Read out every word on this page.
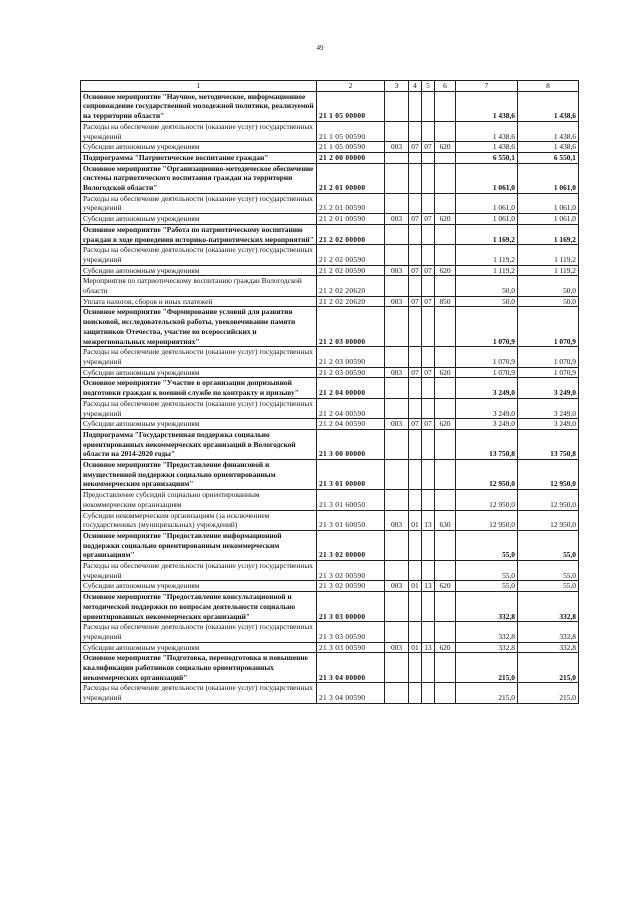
49
1	2	3	4	5	6	7	8
Основное мероприятие "Научное, методическое, информационное сопровождение государственной молодежной политики, реализуемой на территории области"	21 1 05 00000					1 438,6	1 438,6
Расходы на обеспечение деятельности (оказание услуг) государственных учреждений	21 1 05 00590					1 438,6	1 438,6
Субсидии автономным учреждениям	21 1 05 00590	003	07	07	620	1 438,6	1 438,6
Подпрограмма "Патриотическое воспитание граждан"	21 2 00 00000					6 550,1	6 550,1
Основное мероприятие "Организационно-методическое обеспечение системы патриотического воспитания граждан на территории Вологодской области"	21 2 01 00000					1 061,0	1 061,0
Расходы на обеспечение деятельности (оказание услуг) государственных учреждений	21 2 01 00590					1 061,0	1 061,0
Субсидии автономным учреждениям	21 2 01 00590	003	07	07	620	1 061,0	1 061,0
Основное мероприятие "Работа по патриотическому воспитанию граждан в ходе проведения историко-патриотических мероприятий"	21 2 02 00000					1 169,2	1 169,2
Расходы на обеспечение деятельности (оказание услуг) государственных учреждений	21 2 02 00590					1 119,2	1 119,2
Субсидии автономным учреждениям	21 2 02 00590	003	07	07	620	1 119,2	1 119,2
Мероприятия по патриотическому воспитанию граждан Вологодской области	21 2 02 20620					50,0	50,0
Уплата налогов, сборов и иных платежей	21 2 02 20620	003	07	07	850	50,0	50,0
Основное мероприятие "Формирование условий для развития поисковой, исследовательской работы, увековечивание памяти защитников Отечества, участие во всероссийских и межрегиональных мероприятиях"	21 2 03 00000					1 070,9	1 070,9
Расходы на обеспечение деятельности (оказание услуг) государственных учреждений	21 2 03 00590					1 070,9	1 070,9
Субсидии автономным учреждениям	21 2 03 00590	003	07	07	620	1 070,9	1 070,9
Основное мероприятие "Участие в организации допризывной подготовки граждан к военной службе по контракту и призыву"	21 2 04 00000					3 249,0	3 249,0
Расходы на обеспечение деятельности (оказание услуг) государственных учреждений	21 2 04 00590					3 249,0	3 249,0
Субсидии автономным учреждениям	21 2 04 00590	003	07	07	620	3 249,0	3 249,0
Подпрограмма "Государственная поддержка социально ориентированных некоммерческих организаций в Вологодской области на 2014-2020 годы"	21 3 00 00000					13 750,8	13 750,8
Основное мероприятие "Предоставление финансовой и имущественной поддержки социально ориентированным некоммерческим организациям"	21 3 01 00000					12 950,0	12 950,0
Предоставление субсидий социально ориентированным некоммерческим организациям	21 3 01 60050					12 950,0	12 950,0
Субсидии некоммерческим организациям (за исключением государственных (муниципальных) учреждений)	21 3 01 60050	003	01	13	630	12 950,0	12 950,0
Основное мероприятие "Предоставление информационной поддержки социально ориентированным некоммерческим организациям"	21 3 02 00000					55,0	55,0
Расходы на обеспечение деятельности (оказание услуг) государственных учреждений	21 3 02 00590					55,0	55,0
Субсидии автономным учреждениям	21 3 02 00590	003	01	13	620	55,0	55,0
Основное мероприятие "Предоставление консультационной и методической поддержки по вопросам деятельности социально ориентированных некоммерческих организаций"	21 3 03 00000					332,8	332,8
Расходы на обеспечение деятельности (оказание услуг) государственных учреждений	21 3 03 00590					332,8	332,8
Субсидии автономным учреждениям	21 3 03 00590	003	01	13	620	332,8	332,8
Основное мероприятие "Подготовка, переподготовка и повышение квалификации работников социально ориентированных некоммерческих организаций"	21 3 04 00000					215,0	215,0
Расходы на обеспечение деятельности (оказание услуг) государственных учреждений	21 3 04 00590					215,0	215,0
